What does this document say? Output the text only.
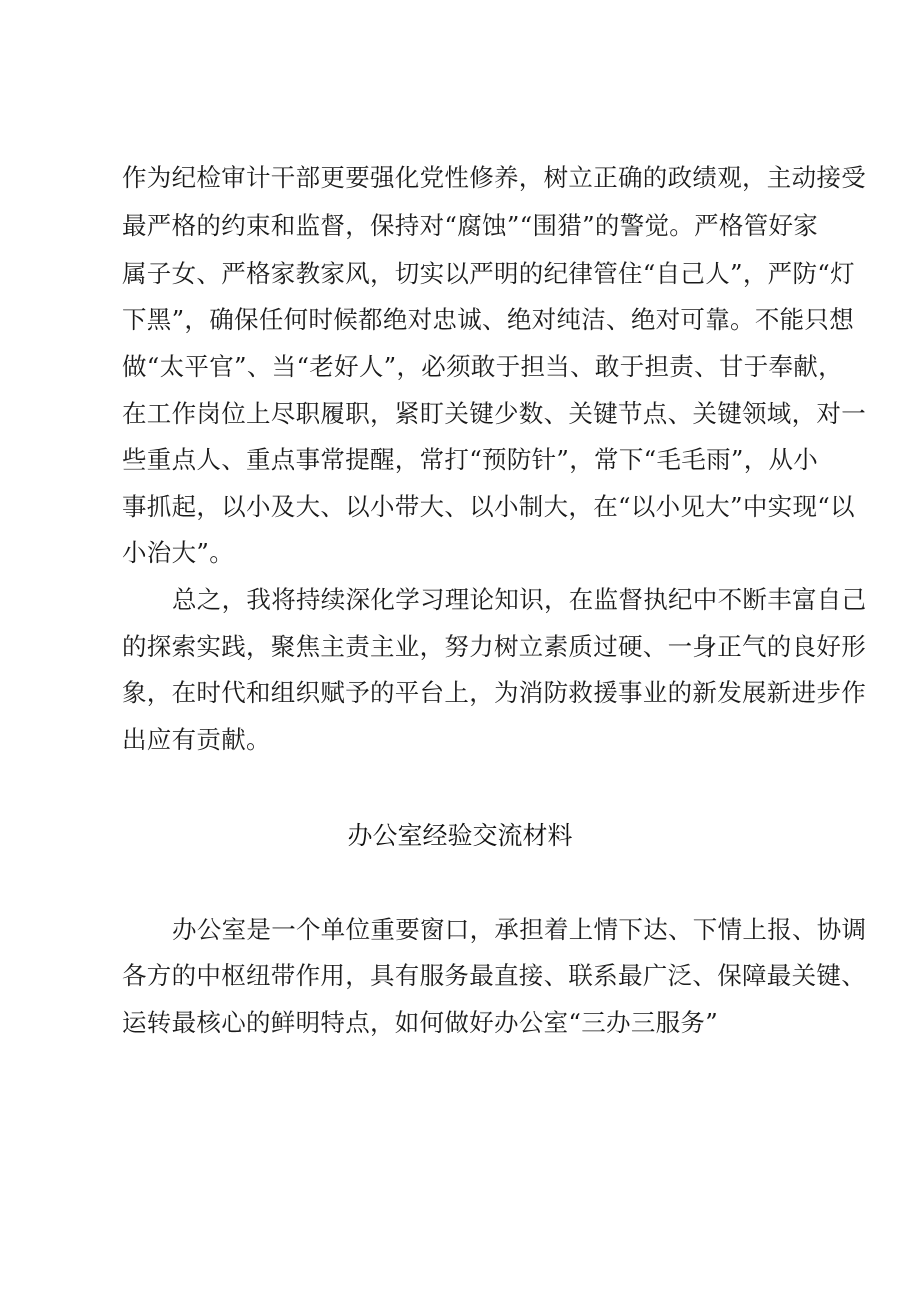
作为纪检审计干部更要强化党性修养，树立正确的政绩观，主动接受
最严格的约束和监督，保持对“腐蚀”“围猎”的警觉。严格管好家
属子女、严格家教家风，切实以严明的纪律管住“自己人”，严防“灯
下黑”，确保任何时候都绝对忠诚、绝对纯洁、绝对可靠。不能只想
做“太平官”、当“老好人”，必须敢于担当、敢于担责、甘于奉献，
在工作岗位上尽职履职，紧盯关键少数、关键节点、关键领域，对一
些重点人、重点事常提醒，常打“预防针”，常下“毛毛雨”，从小
事抓起，以小及大、以小带大、以小制大，在“以小见大”中实现“以
小治大”。
总之，我将持续深化学习理论知识，在监督执纪中不断丰富自己
的探索实践，聚焦主责主业，努力树立素质过硬、一身正气的良好形
象，在时代和组织赋予的平台上，为消防救援事业的新发展新进步作
出应有贡献。
办公室经验交流材料
办公室是一个单位重要窗口，承担着上情下达、下情上报、协调
各方的中枢纽带作用，具有服务最直接、联系最广泛、保障最关键、
运转最核心的鲜明特点，如何做好办公室“三办三服务”
